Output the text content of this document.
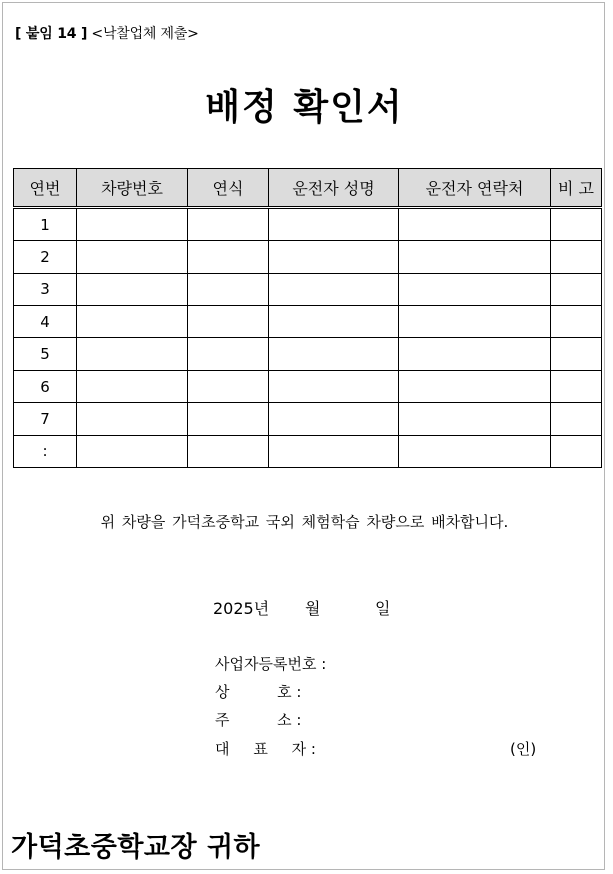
[ 붙임 14 ] <낙찰업체 제출>
배정 확인서
연번	차량번호	연식	운전자 성명	운전자 연락처	비 고
1					
2					
3					
4					
5					
6					
7					
:					
위 차량을 가덕초중학교 국외 체험학습 차량으로 배차합니다.
2025년 월	일
사업자등록번호 :
상          호 :
주          소 :
대     표     자 :	(인)
가덕초중학교장 귀하
